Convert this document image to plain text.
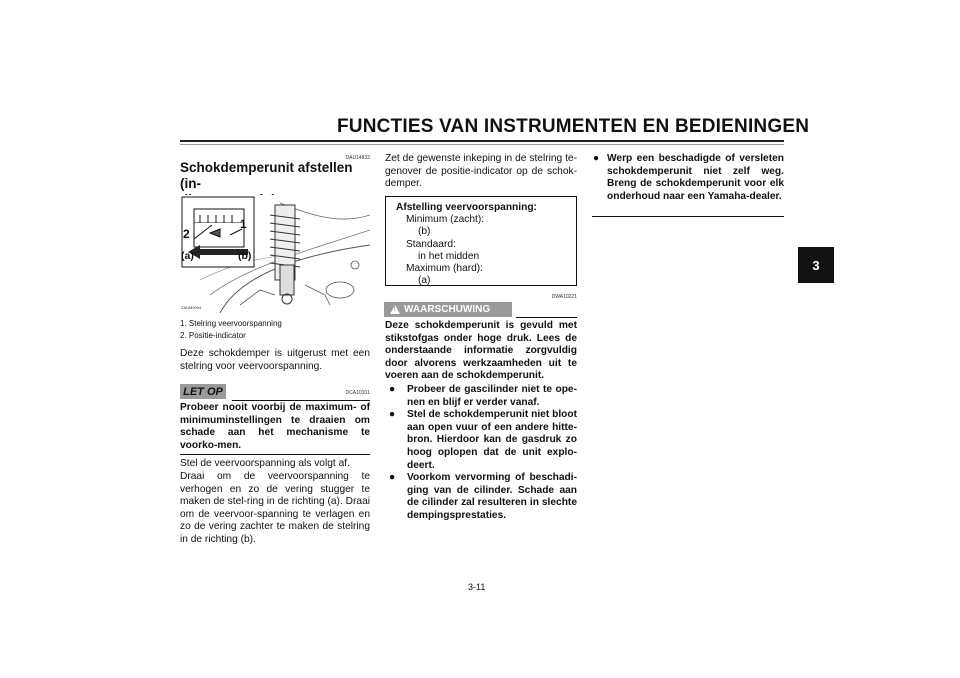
FUNCTIES VAN INSTRUMENTEN EN BEDIENINGEN
3
DAU14832
Schokdemperunit afstellen (in-
1
2
(a)	(b)
ZAUM0094
1. Stelring veervoorspanning
2. Positie-indicator
Deze schokdemper is uitgerust met een stelring voor veervoorspanning.
LET OP	DCA10101
Probeer nooit voorbij de maximum- of minimuminstellingen te draaien om schade aan het mechanisme te voorko-men.
Stel de veervoorspanning als volgt af.
Draai om de veervoorspanning te verhogen en zo de vering stugger te maken de stel-ring in de richting (a). Draai om de veervoor-spanning te verlagen en zo de vering zachter te maken de stelring in de richting (b).
Zet de gewenste inkeping in de stelring te-genover de positie-indicator op de schok-demper.
Afstelling veervoorspanning:
Minimum (zacht):
(b)
Standaard:
in het midden
Maximum (hard):
(a)
DWA10221
! WAARSCHUWING
Deze schokdemperunit is gevuld met stikstofgas onder hoge druk. Lees de onderstaande informatie zorgvuldig door alvorens werkzaamheden uit te voeren aan de schokdemperunit.
● Probeer de gascilinder niet te ope-nen en blijf er verder vanaf.
● Stel de schokdemperunit niet bloot aan open vuur of een andere hitte-bron. Hierdoor kan de gasdruk zo hoog oplopen dat de unit explo-deert.
● Voorkom vervorming of beschadi-ging van de cilinder. Schade aan de cilinder zal resulteren in slechte dempingsprestaties.
● Werp een beschadigde of versleten schokdemperunit niet zelf weg. Breng de schokdemperunit voor elk onderhoud naar een Yamaha-dealer.
3-11
